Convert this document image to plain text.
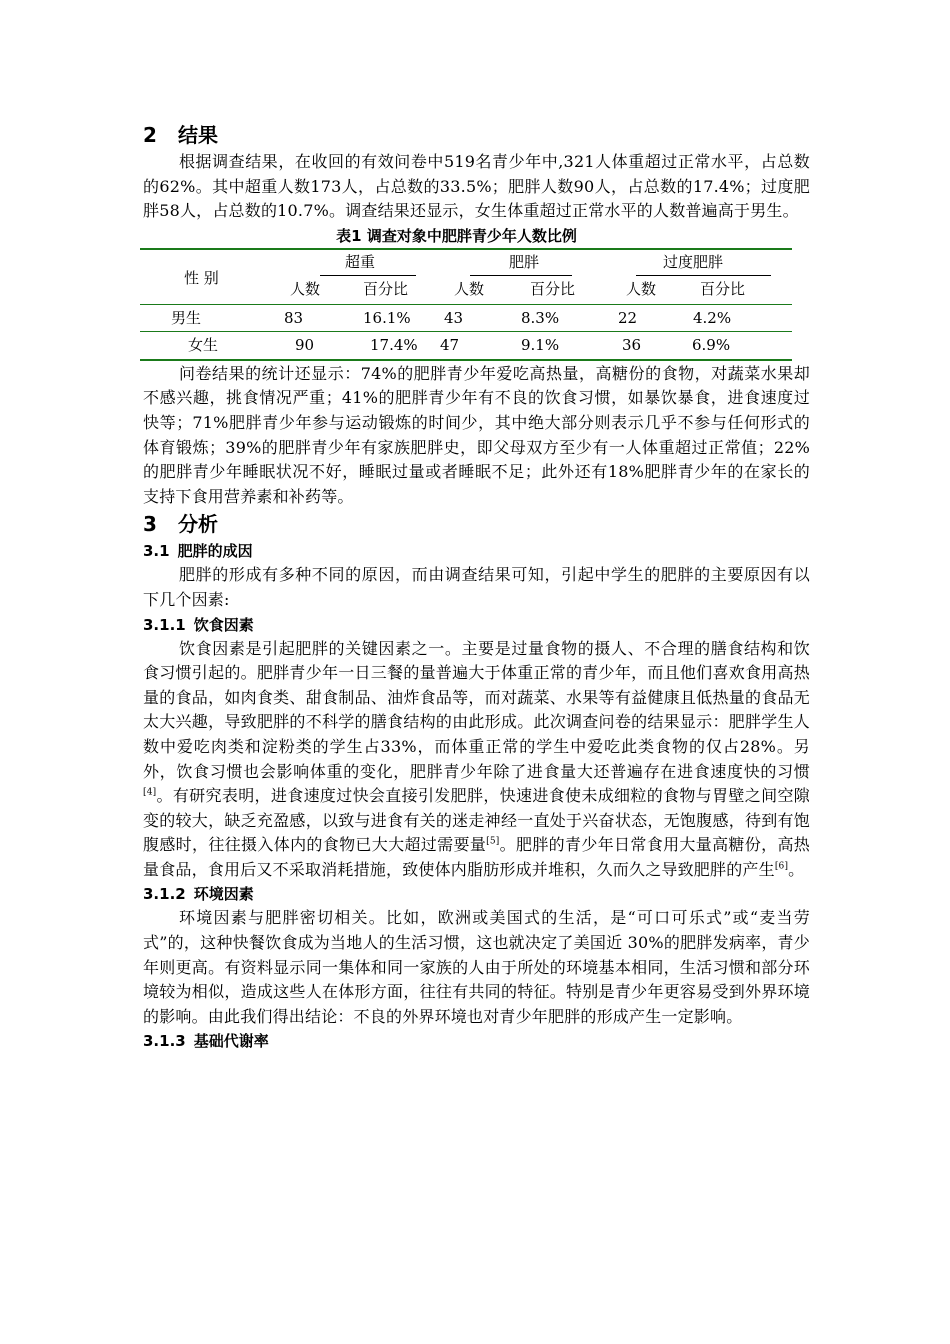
2 结果

根据调查结果，在收回的有效问卷中519名青少年中,321人体重超过正常水平，占总数的62%。其中超重人数173人，占总数的33.5%；肥胖人数90人，占总数的17.4%；过度肥胖58人，占总数的10.7%。调查结果还显示，女生体重超过正常水平的人数普遍高于男生。

表1 调查对象中肥胖青少年人数比例
性 别
超重	肥胖	过度肥胖
人数	百分比	人数	百分比	人数	百分比
男生	83	16.1% 43	8.3%	22	4.2%
女生	90	17.4% 47	9.1%	36	6.9%

问卷结果的统计还显示：74%的肥胖青少年爱吃高热量，高糖份的食物，对蔬菜水果却不感兴趣，挑食情况严重；41%的肥胖青少年有不良的饮食习惯，如暴饮暴食，进食速度过快等；71%肥胖青少年参与运动锻炼的时间少，其中绝大部分则表示几乎不参与任何形式的体育锻炼；39%的肥胖青少年有家族肥胖史，即父母双方至少有一人体重超过正常值；22%的肥胖青少年睡眠状况不好，睡眠过量或者睡眠不足；此外还有18%肥胖青少年的在家长的支持下食用营养素和补药等。

3 分析
3.1 肥胖的成因

肥胖的形成有多种不同的原因，而由调查结果可知，引起中学生的肥胖的主要原因有以下几个因素:

3.1.1 饮食因素

饮食因素是引起肥胖的关键因素之一。主要是过量食物的摄人、不合理的膳食结构和饮食习惯引起的。肥胖青少年一日三餐的量普遍大于体重正常的青少年，而且他们喜欢食用高热量的食品，如肉食类、甜食制品、油炸食品等，而对蔬菜、水果等有益健康且低热量的食品无太大兴趣，导致肥胖的不科学的膳食结构的由此形成。此次调查问卷的结果显示：肥胖学生人数中爱吃肉类和淀粉类的学生占33%，而体重正常的学生中爱吃此类食物的仅占28%。另外，饮食习惯也会影响体重的变化，肥胖青少年除了进食量大还普遍存在进食速度快的习惯[4]。有研究表明，进食速度过快会直接引发肥胖，快速进食使未成细粒的食物与胃壁之间空隙变的较大，缺乏充盈感，以致与进食有关的迷走神经一直处于兴奋状态，无饱腹感，待到有饱腹感时，往往摄入体内的食物已大大超过需要量[5]。肥胖的青少年日常食用大量高糖份，高热量食品，食用后又不采取消耗措施，致使体内脂肪形成并堆积，久而久之导致肥胖的产生[6]。

3.1.2 环境因素

环境因素与肥胖密切相关。比如，欧洲或美国式的生活，是“可口可乐式”或“麦当劳式”的，这种快餐饮食成为当地人的生活习惯，这也就决定了美国近 30%的肥胖发病率，青少年则更高。有资料显示同一集体和同一家族的人由于所处的环境基本相同，生活习惯和部分环境较为相似，造成这些人在体形方面，往往有共同的特征。特别是青少年更容易受到外界环境的影响。由此我们得出结论：不良的外界环境也对青少年肥胖的形成产生一定影响。

3.1.3 基础代谢率
